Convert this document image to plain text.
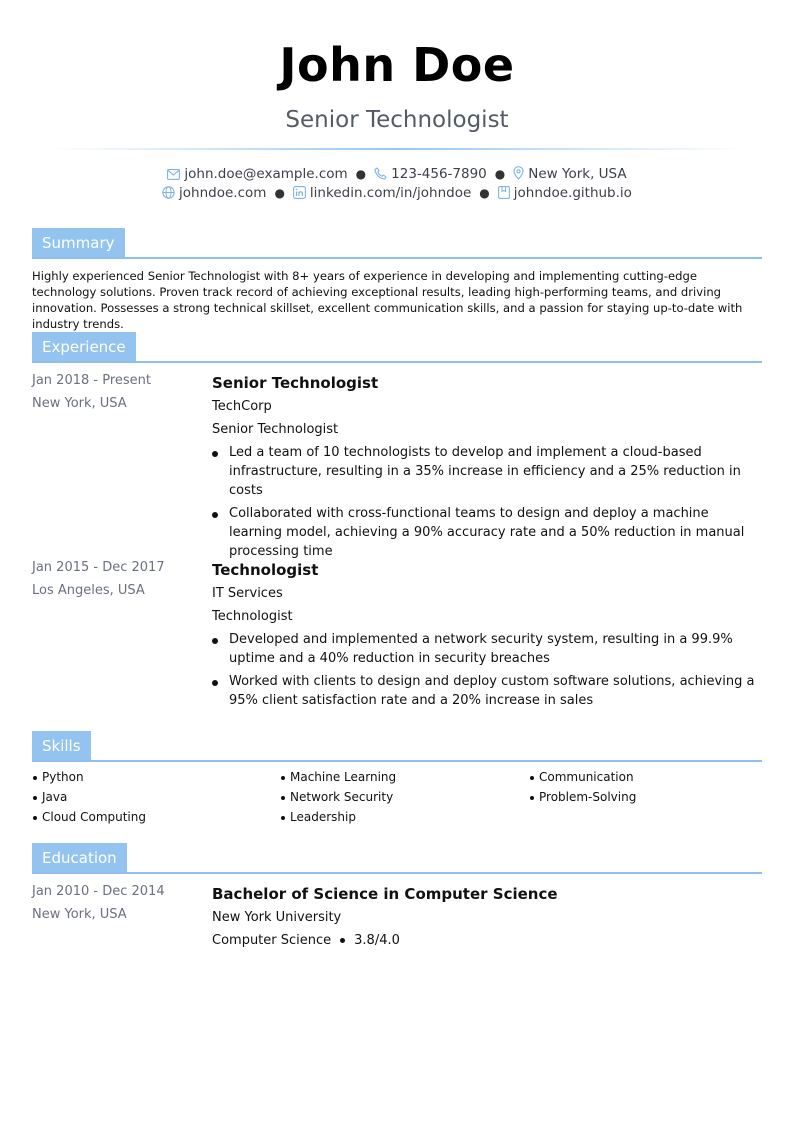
John Doe
Senior Technologist
john.doe@example.com ● 123-456-7890 ● New York, USA
johndoe.com ● linkedin.com/in/johndoe ● johndoe.github.io
Summary
Highly experienced Senior Technologist with 8+ years of experience in developing and implementing cutting-edge technology solutions. Proven track record of achieving exceptional results, leading high-performing teams, and driving innovation. Possesses a strong technical skillset, excellent communication skills, and a passion for staying up-to-date with industry trends.
Experience
Jan 2018 - Present
New York, USA
Senior Technologist
TechCorp
Senior Technologist
Led a team of 10 technologists to develop and implement a cloud-based infrastructure, resulting in a 35% increase in efficiency and a 25% reduction in costs
Collaborated with cross-functional teams to design and deploy a machine learning model, achieving a 90% accuracy rate and a 50% reduction in manual processing time
Jan 2015 - Dec 2017
Los Angeles, USA
Technologist
IT Services
Technologist
Developed and implemented a network security system, resulting in a 99.9% uptime and a 40% reduction in security breaches
Worked with clients to design and deploy custom software solutions, achieving a 95% client satisfaction rate and a 20% increase in sales
Skills
Python
Java
Cloud Computing
Machine Learning
Network Security
Leadership
Communication
Problem-Solving
Education
Jan 2010 - Dec 2014
New York, USA
Bachelor of Science in Computer Science
New York University
Computer Science 3.8/4.0
